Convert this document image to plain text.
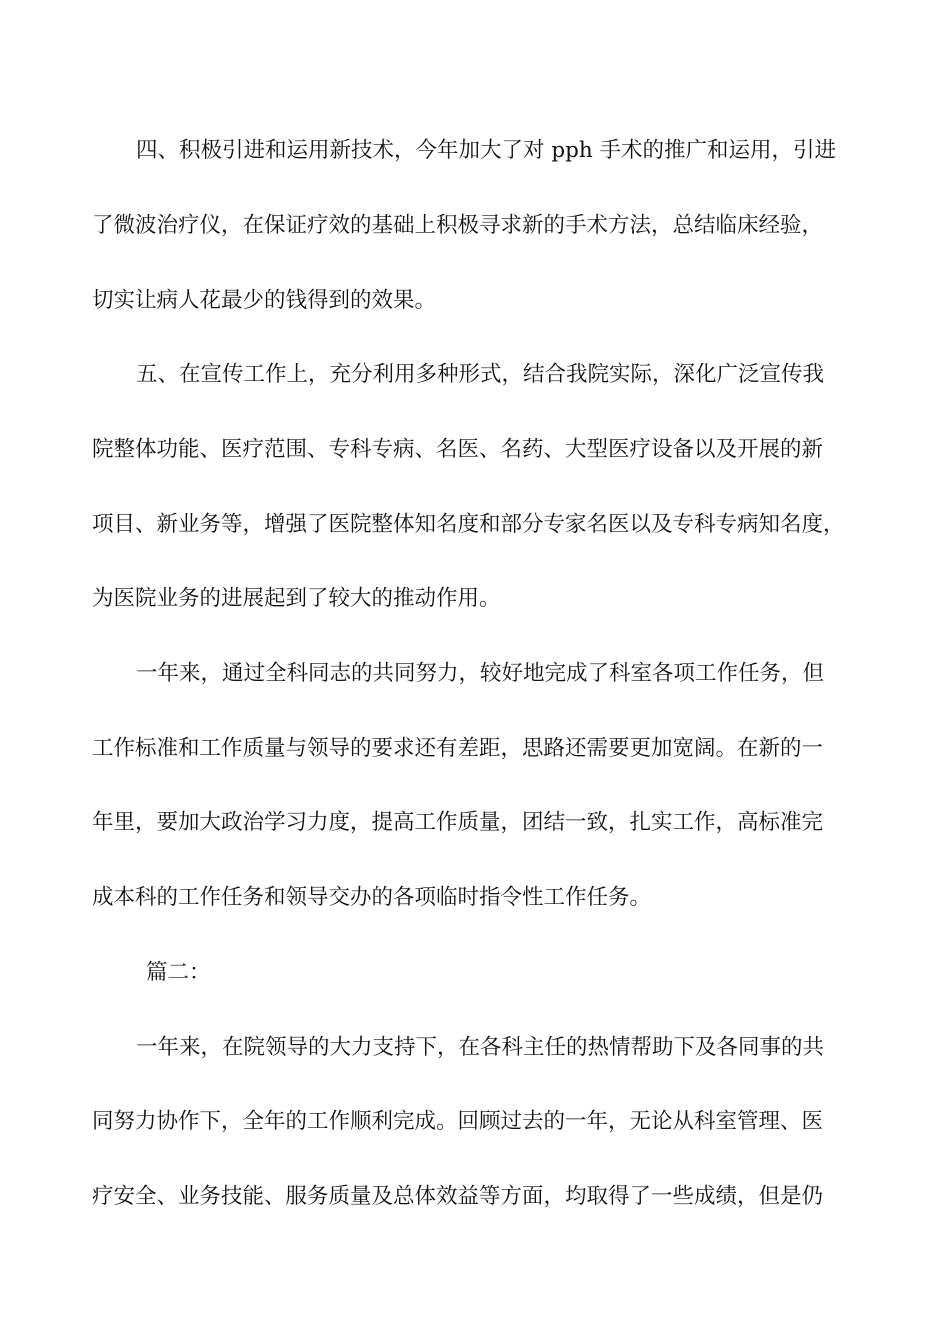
四、积极引进和运用新技术，今年加大了对 pph 手术的推广和运用，引进
了微波治疗仪，在保证疗效的基础上积极寻求新的手术方法，总结临床经验，
切实让病人花最少的钱得到的效果。
五、在宣传工作上，充分利用多种形式，结合我院实际，深化广泛宣传我
院整体功能、医疗范围、专科专病、名医、名药、大型医疗设备以及开展的新
项目、新业务等，增强了医院整体知名度和部分专家名医以及专科专病知名度，
为医院业务的进展起到了较大的推动作用。
一年来，通过全科同志的共同努力，较好地完成了科室各项工作任务，但
工作标准和工作质量与领导的要求还有差距，思路还需要更加宽阔。在新的一
年里，要加大政治学习力度，提高工作质量，团结一致，扎实工作，高标准完
成本科的工作任务和领导交办的各项临时指令性工作任务。
篇二：
一年来，在院领导的大力支持下，在各科主任的热情帮助下及各同事的共
同努力协作下，全年的工作顺利完成。回顾过去的一年，无论从科室管理、医
疗安全、业务技能、服务质量及总体效益等方面，均取得了一些成绩，但是仍
